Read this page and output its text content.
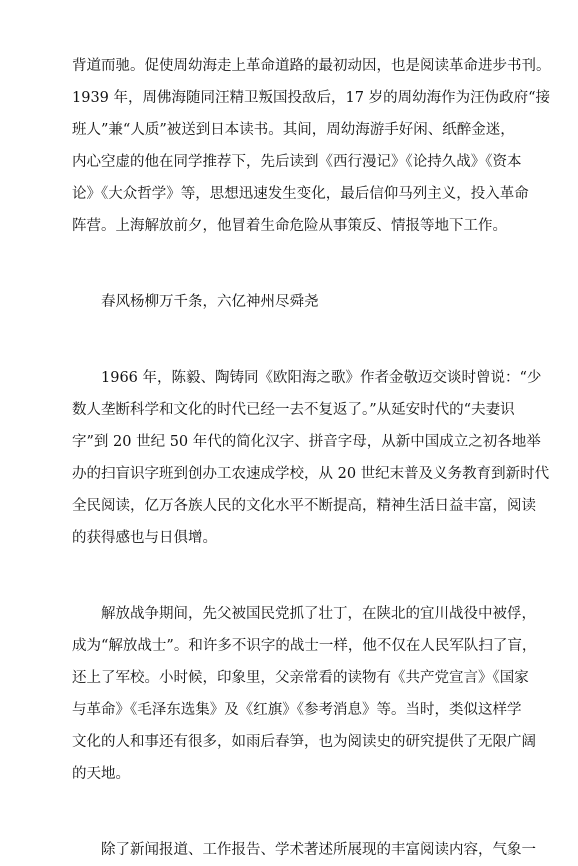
背道而驰。促使周幼海走上革命道路的最初动因，也是阅读革命进步书刊。

1939 年，周佛海随同汪精卫叛国投敌后，17 岁的周幼海作为汪伪政府“接

班人”兼“人质”被送到日本读书。其间，周幼海游手好闲、纸醉金迷，

内心空虚的他在同学推荐下，先后读到《西行漫记》《论持久战》《资本

论》《大众哲学》等，思想迅速发生变化，最后信仰马列主义，投入革命

阵营。上海解放前夕，他冒着生命危险从事策反、情报等地下工作。

春风杨柳万千条，六亿神州尽舜尧

1966 年，陈毅、陶铸同《欧阳海之歌》作者金敬迈交谈时曾说：“少

数人垄断科学和文化的时代已经一去不复返了。”从延安时代的“夫妻识

字”到 20 世纪 50 年代的简化汉字、拼音字母，从新中国成立之初各地举

办的扫盲识字班到创办工农速成学校，从 20 世纪末普及义务教育到新时代

全民阅读，亿万各族人民的文化水平不断提高，精神生活日益丰富，阅读

的获得感也与日俱增。

解放战争期间，先父被国民党抓了壮丁，在陕北的宜川战役中被俘，

成为“解放战士”。和许多不识字的战士一样，他不仅在人民军队扫了盲，

还上了军校。小时候，印象里，父亲常看的读物有《共产党宣言》《国家

与革命》《毛泽东选集》及《红旗》《参考消息》等。当时，类似这样学

文化的人和事还有很多，如雨后春笋，也为阅读史的研究提供了无限广阔

的天地。

除了新闻报道、工作报告、学术著述所展现的丰富阅读内容，气象一
